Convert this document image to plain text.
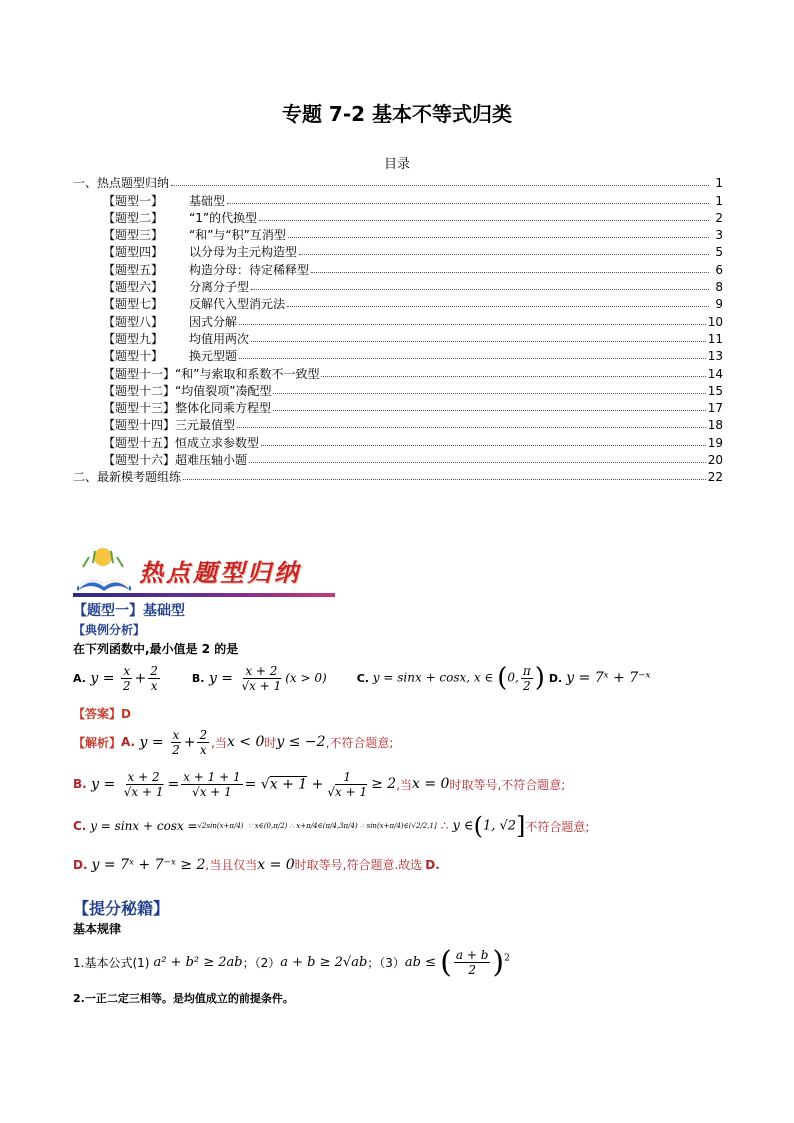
专题 7-2 基本不等式归类
目录
一、热点题型归纳	1
【题型一】 基础型	1
【题型二】 “1”的代换型	2
【题型三】 “和”与“积”互消型	3
【题型四】 以分母为主元构造型	5
【题型五】 构造分母：待定稀释型	6
【题型六】 分离分子型	8
【题型七】 反解代入型消元法	9
【题型八】 因式分解	10
【题型九】 均值用两次	11
【题型十】 换元型题	13
【题型十一】“和”与索取和系数不一致型	14
【题型十二】“均值裂项”凑配型	15
【题型十三】整体化同乘方程型	17
【题型十四】三元最值型	18
【题型十五】恒成立求参数型	19
【题型十六】超难压轴小题	20
二、最新模考题组练	22
热点题型归纳
【题型一】基础型
【典例分析】
在下列函数中,最小值是 2 的是
A. $y = \frac{x}{2} + \frac{2}{x}$	B. $y = \frac{x + 2}{√x + 1} (x > 0)$	C. y = sinx + cosx, x ∈ (0, $\frac{\pi}{2}$ ) D. y = 7ˣ + 7⁻ˣ
【答案】D
【解析】 A. $y = \frac{x}{2} + \frac{2}{x}$ ,当 x < 0 时 y ≤ −2 ,不符合题意;
B. $y = \frac{x + 2}{√x + 1} = \frac{x + 1 + 1}{√x + 1} = √x + 1 + \frac{1}{√x + 1} \ge 2$ ,当 x = 0 时取等号,不符合题意;
C. y = sinx + cosx = √2sin(x+π/4)  ∵ x∈(0,π/2) ∴ x+π/4∈(π/4,3π/4) ∴ sin(x+π/4)∈(√2/2,1] ∴ y ∈(1, √2] 不符合题意;
D. y = 7ˣ + 7⁻ˣ ≥ 2 ,当且仅当 x = 0 时取等号,符合题意.故选 D .
【提分秘籍】
基本规律
1.基本公式(1) a² + b² ≥ 2ab ；（2） a + b ≥ 2√ab ；（3） ab ≤ ( $\frac{a + b}{2} )^2$
2.一正二定三相等。是均值成立的前提条件。
